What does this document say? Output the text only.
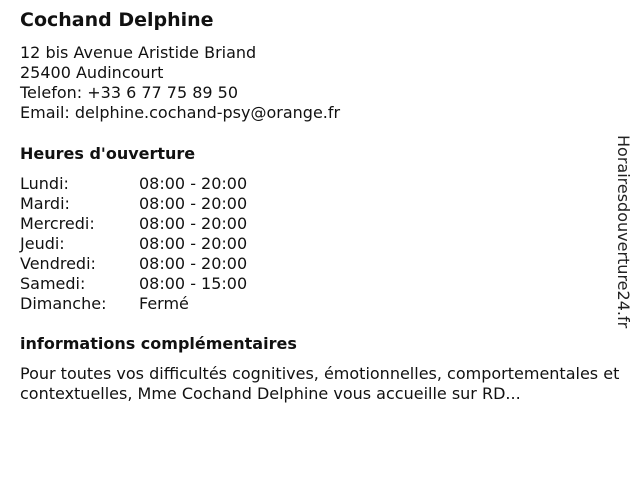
Cochand Delphine
12 bis Avenue Aristide Briand
25400 Audincourt
Telefon: +33 6 77 75 89 50
Email: delphine.cochand-psy@orange.fr
Heures d'ouverture
Lundi:	08:00 - 20:00
Mardi:	08:00 - 20:00
Mercredi:	08:00 - 20:00
Jeudi:	08:00 - 20:00
Vendredi:	08:00 - 20:00
Samedi:	08:00 - 15:00
Dimanche: Fermé
informations complémentaires
Pour toutes vos difficultés cognitives, émotionnelles, comportementales et contextuelles, Mme Cochand Delphine vous accueille sur RD...
Horairesdouverture24.fr
